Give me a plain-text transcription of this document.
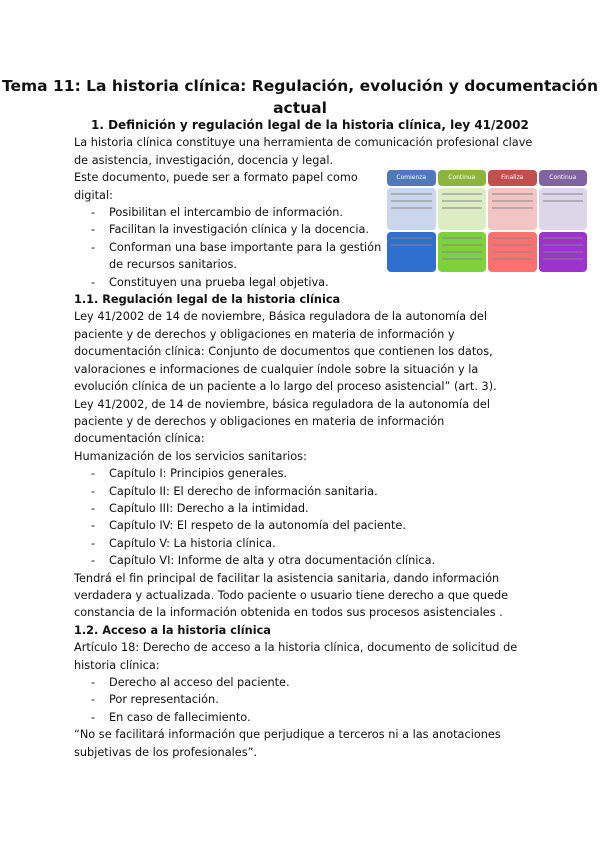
Tema 11: La historia clínica: Regulación, evolución y documentación actual
1. Definición y regulación legal de la historia clínica, ley 41/2002
La historia clínica constituye una herramienta de comunicación profesional clave de asistencia, investigación, docencia y legal.
Este documento, puede ser a formato papel como digital:
- Posibilitan el intercambio de información.
- Facilitan la investigación clínica y la docencia.
- Conforman una base importante para la gestión de recursos sanitarios.
- Constituyen una prueba legal objetiva.
1.1. Regulación legal de la historia clínica
Ley 41/2002 de 14 de noviembre, Básica reguladora de la autonomía del paciente y de derechos y obligaciones en materia de información y documentación clínica: Conjunto de documentos que contienen los datos, valoraciones e informaciones de cualquier índole sobre la situación y la evolución clínica de un paciente a lo largo del proceso asistencial” (art. 3).
Ley 41/2002, de 14 de noviembre, básica reguladora de la autonomía del paciente y de derechos y obligaciones en materia de información documentación clínica:
Humanización de los servicios sanitarios:
- Capítulo I: Principios generales.
- Capítulo II: El derecho de información sanitaria.
- Capítulo III: Derecho a la intimidad.
- Capítulo IV: El respeto de la autonomía del paciente.
- Capítulo V: La historia clínica.
- Capítulo VI: Informe de alta y otra documentación clínica.
Tendrá el fin principal de facilitar la asistencia sanitaria, dando información verdadera y actualizada. Todo paciente o usuario tiene derecho a que quede constancia de la información obtenida en todos sus procesos asistenciales .
1.2. Acceso a la historia clínica
Artículo 18: Derecho de acceso a la historia clínica, documento de solicitud de historia clínica:
- Derecho al acceso del paciente.
- Por representación.
- En caso de fallecimiento.
“No se facilitará información que perjudique a terceros ni a las anotaciones subjetivas de los profesionales”.
Comienza	Continua	Finaliza	Continua
